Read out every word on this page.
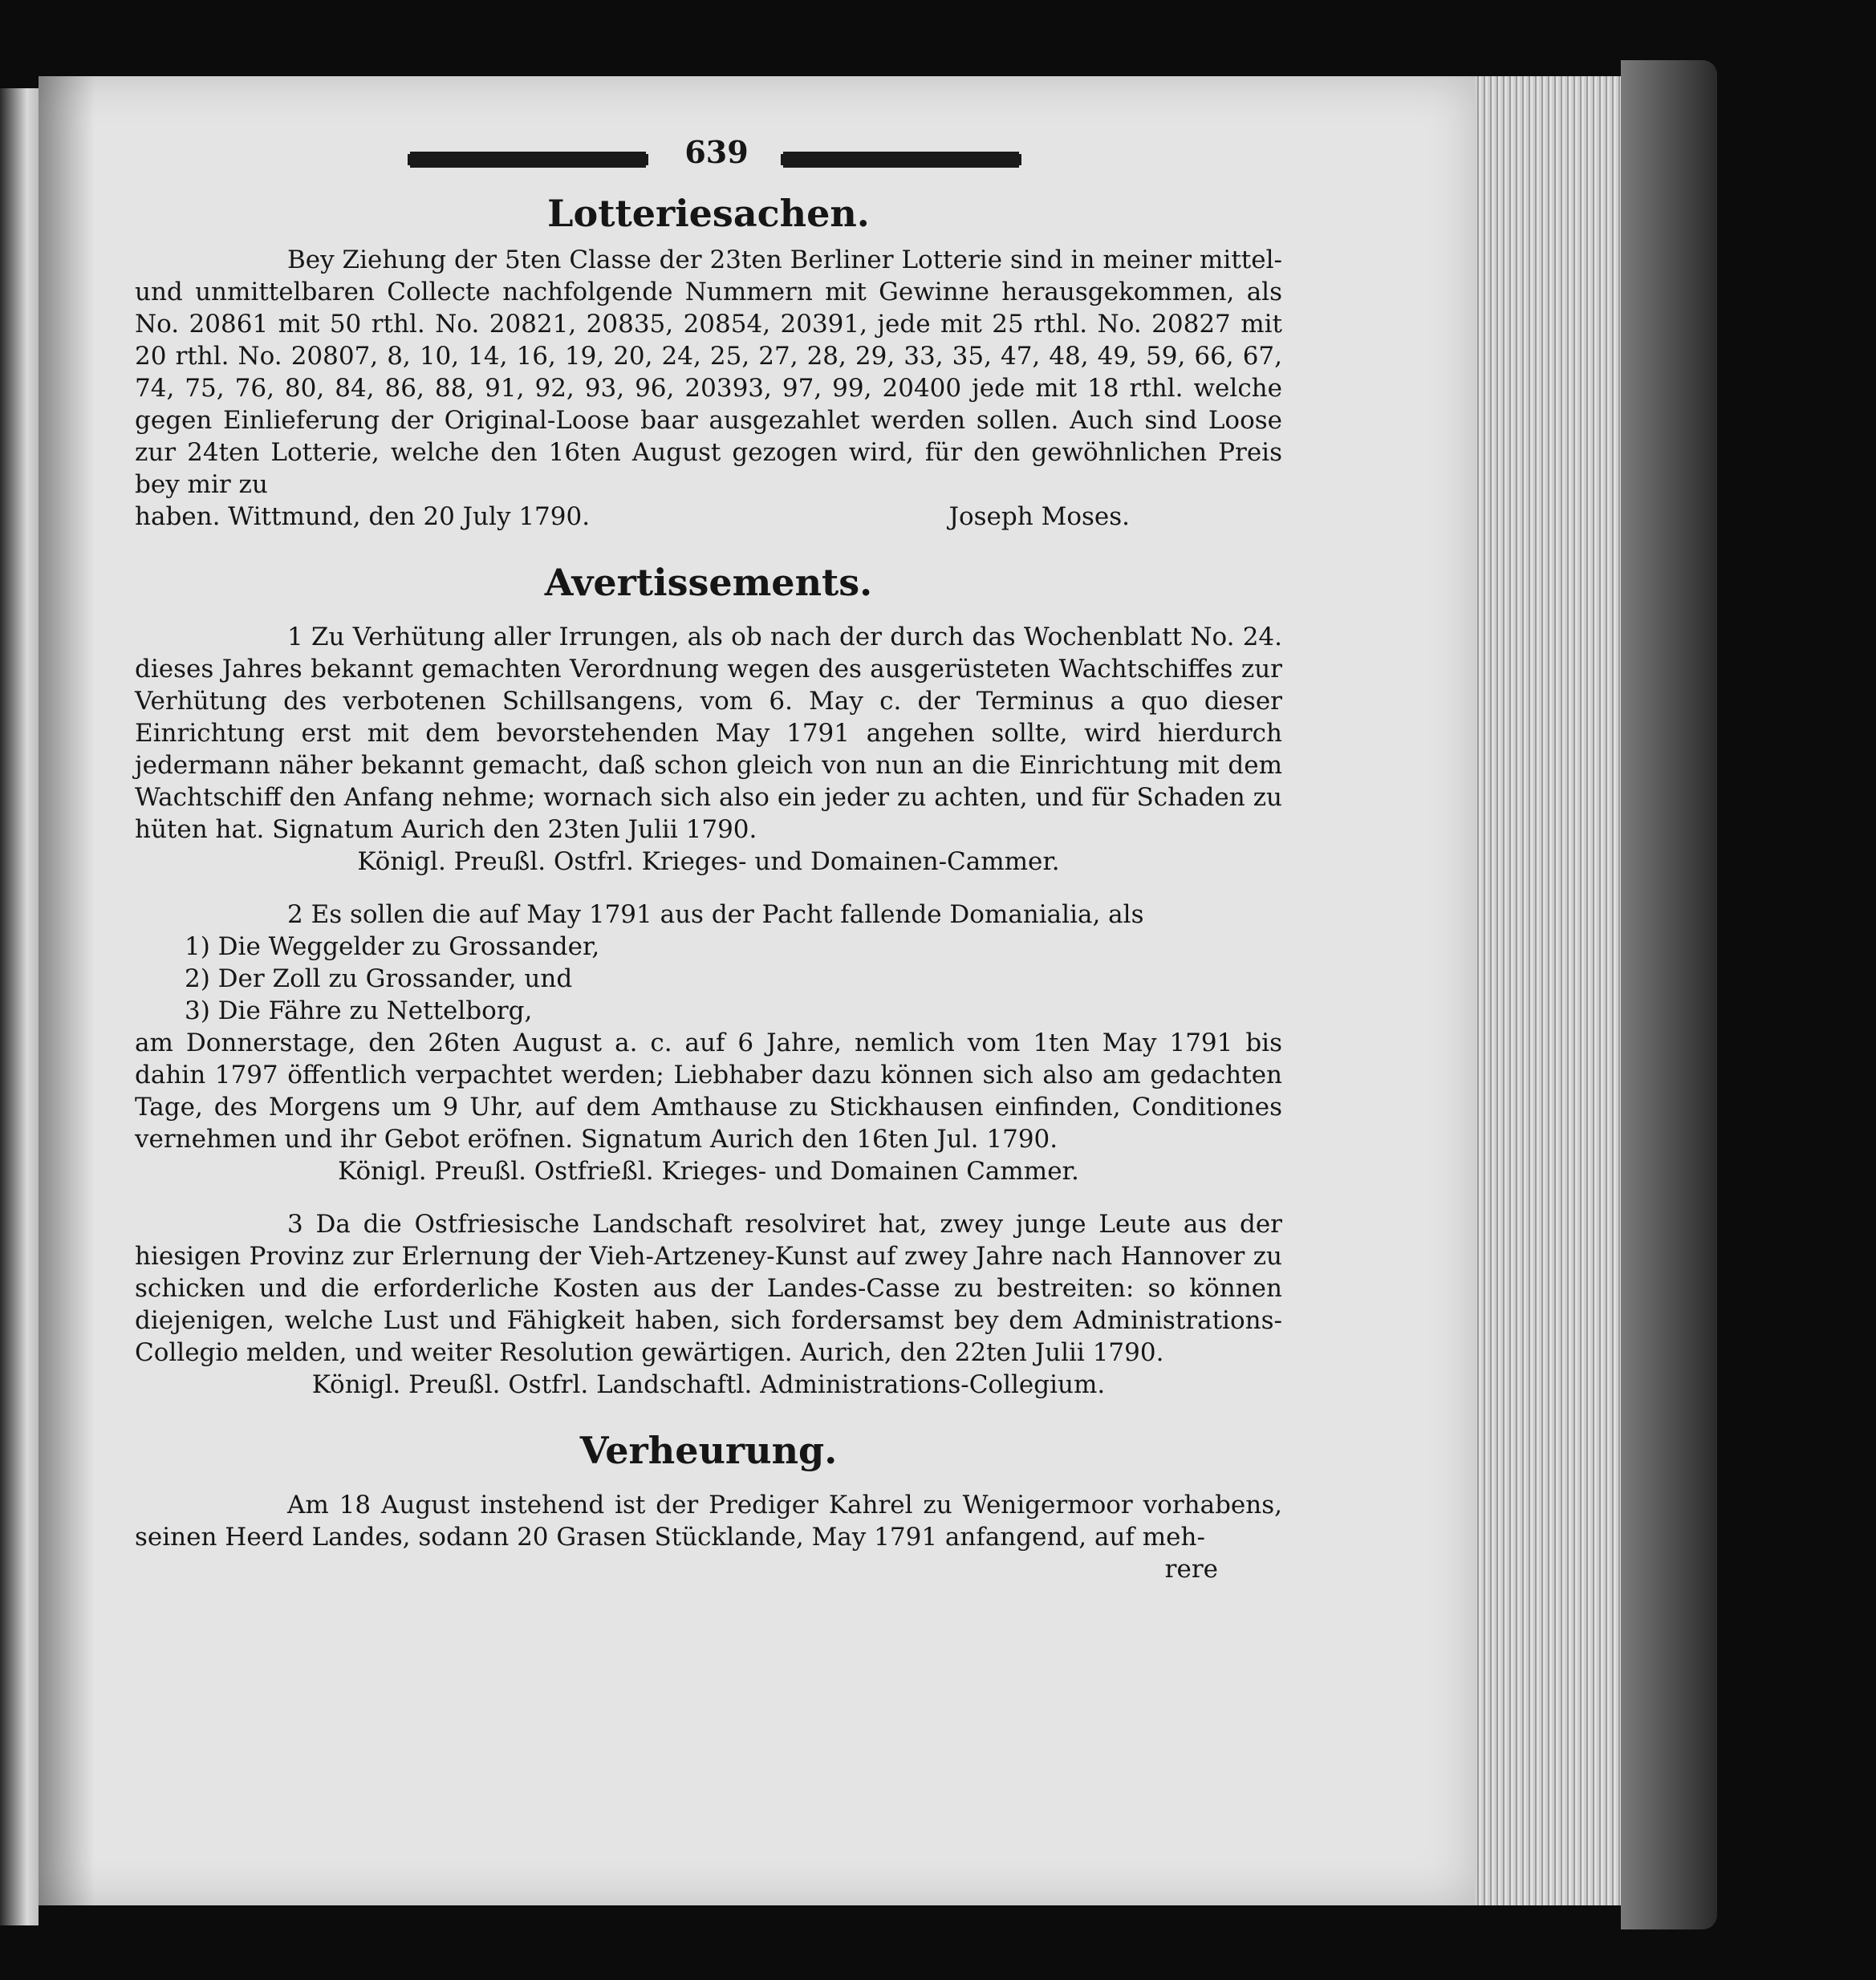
639
Lotteriesachen.

Bey Ziehung der 5ten Classe der 23ten Berliner Lotterie sind in meiner mittel- und unmittelbaren Collecte nachfolgende Nummern mit Gewinne herausgekommen, als No. 20861 mit 50 rthl. No. 20821, 20835, 20854, 20391, jede mit 25 rthl. No. 20827 mit 20 rthl. No. 20807, 8, 10, 14, 16, 19, 20, 24, 25, 27, 28, 29, 33, 35, 47, 48, 49, 59, 66, 67, 74, 75, 76, 80, 84, 86, 88, 91, 92, 93, 96, 20393, 97, 99, 20400 jede mit 18 rthl. welche gegen Einlieferung der Original-Loose baar ausgezahlet werden sollen. Auch sind Loose zur 24ten Lotterie, welche den 16ten August gezogen wird, für den gewöhnlichen Preis bey mir zu

haben. Wittmund, den 20 July 1790.	Joseph Moses.
Avertissements.

1 Zu Verhütung aller Irrungen, als ob nach der durch das Wochenblatt No. 24. dieses Jahres bekannt gemachten Verordnung wegen des ausgerüsteten Wachtschiffes zur Verhütung des verbotenen Schillsangens, vom 6. May c. der Terminus a quo dieser Einrichtung erst mit dem bevorstehenden May 1791 angehen sollte, wird hierdurch jedermann näher bekannt gemacht, daß schon gleich von nun an die Einrichtung mit dem Wachtschiff den Anfang nehme; wornach sich also ein jeder zu achten, und für Schaden zu hüten hat. Signatum Aurich den 23ten Julii 1790.

Königl. Preußl. Ostfrl. Krieges- und Domainen-Cammer.

2 Es sollen die auf May 1791 aus der Pacht fallende Domanialia, als

1) Die Weggelder zu Grossander,
2) Der Zoll zu Grossander, und
3) Die Fähre zu Nettelborg,

am Donnerstage, den 26ten August a. c. auf 6 Jahre, nemlich vom 1ten May 1791 bis dahin 1797 öffentlich verpachtet werden; Liebhaber dazu können sich also am gedachten Tage, des Morgens um 9 Uhr, auf dem Amthause zu Stickhausen einfinden, Conditiones vernehmen und ihr Gebot eröfnen. Signatum Aurich den 16ten Jul. 1790.

Königl. Preußl. Ostfrießl. Krieges- und Domainen Cammer.

3 Da die Ostfriesische Landschaft resolviret hat, zwey junge Leute aus der hiesigen Provinz zur Erlernung der Vieh-Artzeney-Kunst auf zwey Jahre nach Hannover zu schicken und die erforderliche Kosten aus der Landes-Casse zu bestreiten: so können diejenigen, welche Lust und Fähigkeit haben, sich fordersamst bey dem Administrations-Collegio melden, und weiter Resolution gewärtigen. Aurich, den 22ten Julii 1790.

Königl. Preußl. Ostfrl. Landschaftl. Administrations-Collegium.
Verheurung.

Am 18 August instehend ist der Prediger Kahrel zu Wenigermoor vorhabens, seinen Heerd Landes, sodann 20 Grasen Stücklande, May 1791 anfangend, auf meh-

rere
